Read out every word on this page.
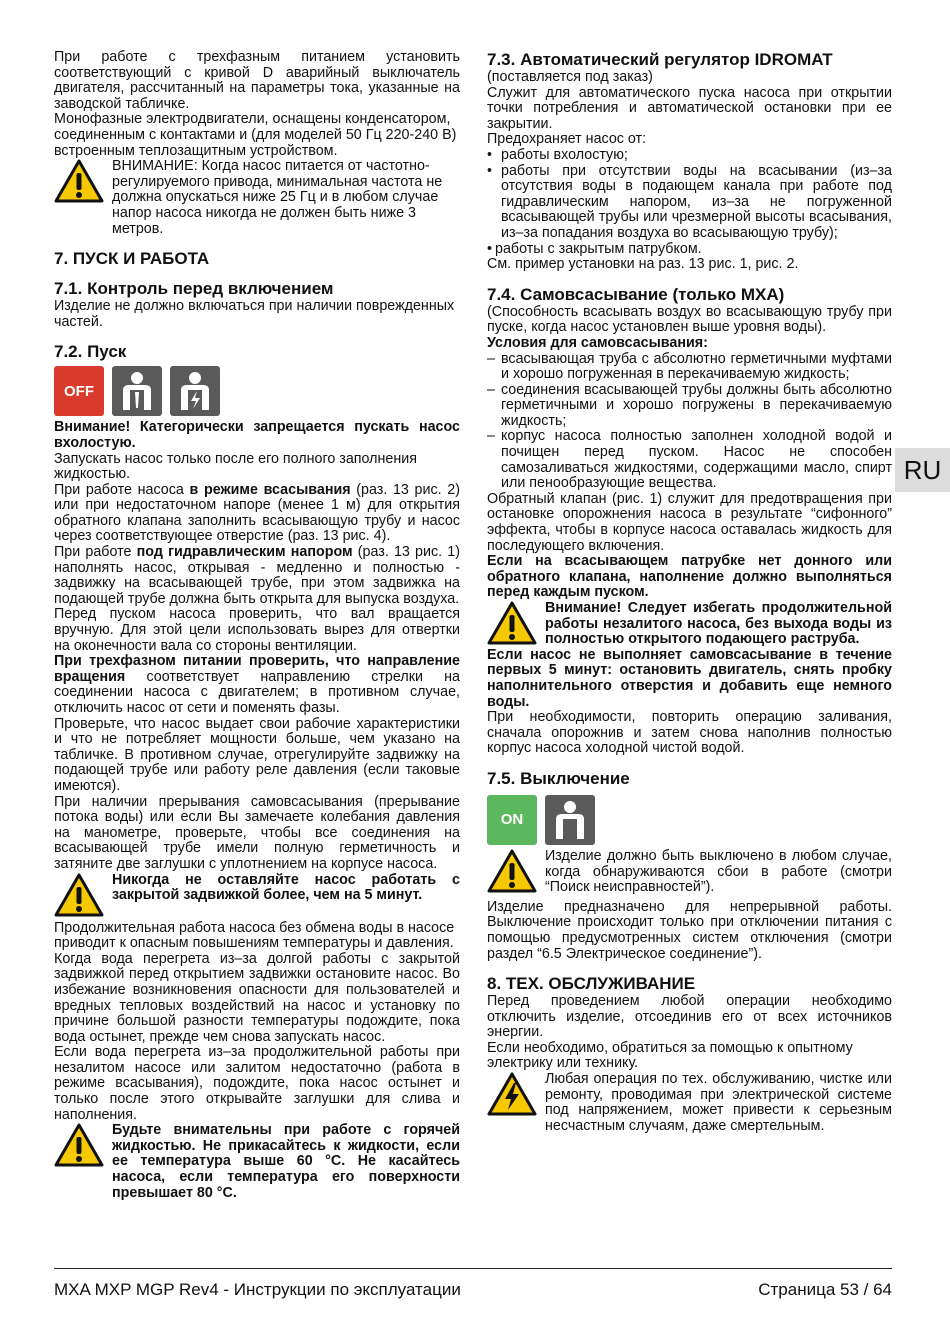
При работе с трехфазным питанием установить соответствующий с кривой D аварийный выключатель двигателя, рассчитанный на параметры тока, указанные на заводской табличке.

Монофазные электродвигатели, оснащены конденсатором, соединенным с контактами и (для моделей 50 Гц 220-240 В) встроенным теплозащитным устройством.

ВНИМАНИЕ: Когда насос питается от частотно-регулируемого привода, минимальная частота не должна опускаться ниже 25 Гц и в любом случае напор насоса никогда не должен быть ниже 3 метров.

7. ПУСК И РАБОТА
7.1. Контроль перед включением

Изделие не должно включаться при наличии поврежденных частей.

7.2. Пуск
OFF

Внимание! Категорически запрещается пускать насос вхолостую.

Запускать насос только после его полного заполнения жидкостью.

При работе насоса в режиме всасывания (раз. 13 рис. 2) или при недостаточном напоре (менее 1 м) для открытия обратного клапана заполнить всасывающую трубу и насос через соответствующее отверстие (раз. 13 рис. 4).

При работе под гидравлическим напором (раз. 13 рис. 1) наполнять насос, открывая - медленно и полностью - задвижку на всасывающей трубе, при этом задвижка на подающей трубе должна быть открыта для выпуска воздуха.

Перед пуском насоса проверить, что вал вращается вручную. Для этой цели использовать вырез для отвертки на оконечности вала со стороны вентиляции.

При трехфазном питании проверить, что направление вращения соответствует направлению стрелки на соединении насоса с двигателем; в противном случае, отключить насос от сети и поменять фазы.

Проверьте, что насос выдает свои рабочие характеристики и что не потребляет мощности больше, чем указано на табличке. В противном случае, отрегулируйте задвижку на подающей трубе или работу реле давления (если таковые имеются).

При наличии прерывания самовсасывания (прерывание потока воды) или если Вы замечаете колебания давления на манометре, проверьте, чтобы все соединения на всасывающей трубе имели полную герметичность и затяните две заглушки с уплотнением на корпусе насоса.

Никогда не оставляйте насос работать с закрытой задвижкой более, чем на 5 минут.

Продолжительная работа насоса без обмена воды в насосе приводит к опасным повышениям температуры и давления.

Когда вода перегрета из–за долгой работы с закрытой задвижкой перед открытием задвижки остановите насос. Во избежание возникновения опасности для пользователей и вредных тепловых воздействий на насос и установку по причине большой разности температуры подождите, пока вода остынет, прежде чем снова запускать насос.

Если вода перегрета из–за продолжительной работы при незалитом насосе или залитом недостаточно (работа в режиме всасывания), подождите, пока насос остынет и только после этого открывайте заглушки для слива и наполнения.

Будьте внимательны при работе с горячей жидкостью. Не прикасайтесь к жидкости, если ее температура выше 60 °C. Не касайтесь насоса, если температура его поверхности превышает 80 °C.

7.3. Автоматический регулятор IDROMAT

(поставляется под заказ)

Служит для автоматического пуска насоса при открытии точки потребления и автоматической остановки при ее закрытии.

Предохраняет насос от:

• работы вхолостую;
• работы при отсутствии воды на всасывании (из–за отсутствия воды в подающем канала при работе под гидравлическим напором, из–за не погруженной всасывающей трубы или чрезмерной высоты всасывания, из–за попадания воздуха во всасывающую трубу);
• работы с закрытым патрубком.

См. пример установки на раз. 13 рис. 1, рис. 2.

7.4. Самовсасывание (только MXA)

(Способность всасывать воздух во всасывающую трубу при пуске, когда насос установлен выше уровня воды).

Условия для самовсасывания:

– всасывающая труба с абсолютно герметичными муфтами и хорошо погруженная в перекачиваемую жидкость;
– соединения всасывающей трубы должны быть абсолютно герметичными и хорошо погружены в перекачиваемую жидкость;
– корпус насоса полностью заполнен холодной водой и почищен перед пуском. Насос не способен самозаливаться жидкостями, содержащими масло, спирт или пенообразующие вещества.

Обратный клапан (рис. 1) служит для предотвращения при остановке опорожнения насоса в результате “сифонного” эффекта, чтобы в корпусе насоса оставалась жидкость для последующего включения.

Если на всасывающем патрубке нет донного или обратного клапана, наполнение должно выполняться перед каждым пуском.

Внимание! Следует избегать продолжительной работы незалитого насоса, без выхода воды из полностью открытого подающего раструба.

Если насос не выполняет самовсасывание в течение первых 5 минут: остановить двигатель, снять пробку наполнительного отверстия и добавить еще немного воды.

При необходимости, повторить операцию заливания, сначала опорожнив и затем снова наполнив полностью корпус насоса холодной чистой водой.

7.5. Выключение
ON

Изделие должно быть выключено в любом случае, когда обнаруживаются сбои в работе (смотри “Поиск неисправностей”).

Изделие предназначено для непрерывной работы. Выключение происходит только при отключении питания с помощью предусмотренных систем отключения (смотри раздел “6.5 Электрическое соединение”).

8. ТЕХ. ОБСЛУЖИВАНИЕ

Перед проведением любой операции необходимо отключить изделие, отсоединив его от всех источников энергии.

Если необходимо, обратиться за помощью к опытному электрику или технику.

Любая операция по тех. обслуживанию, чистке или ремонту, проводимая при электрической системе под напряжением, может привести к серьезным несчастным случаям, даже смертельным.

RU
MXA MXP MGP Rev4 - Инструкции по эксплуатации	Страница 53 / 64
